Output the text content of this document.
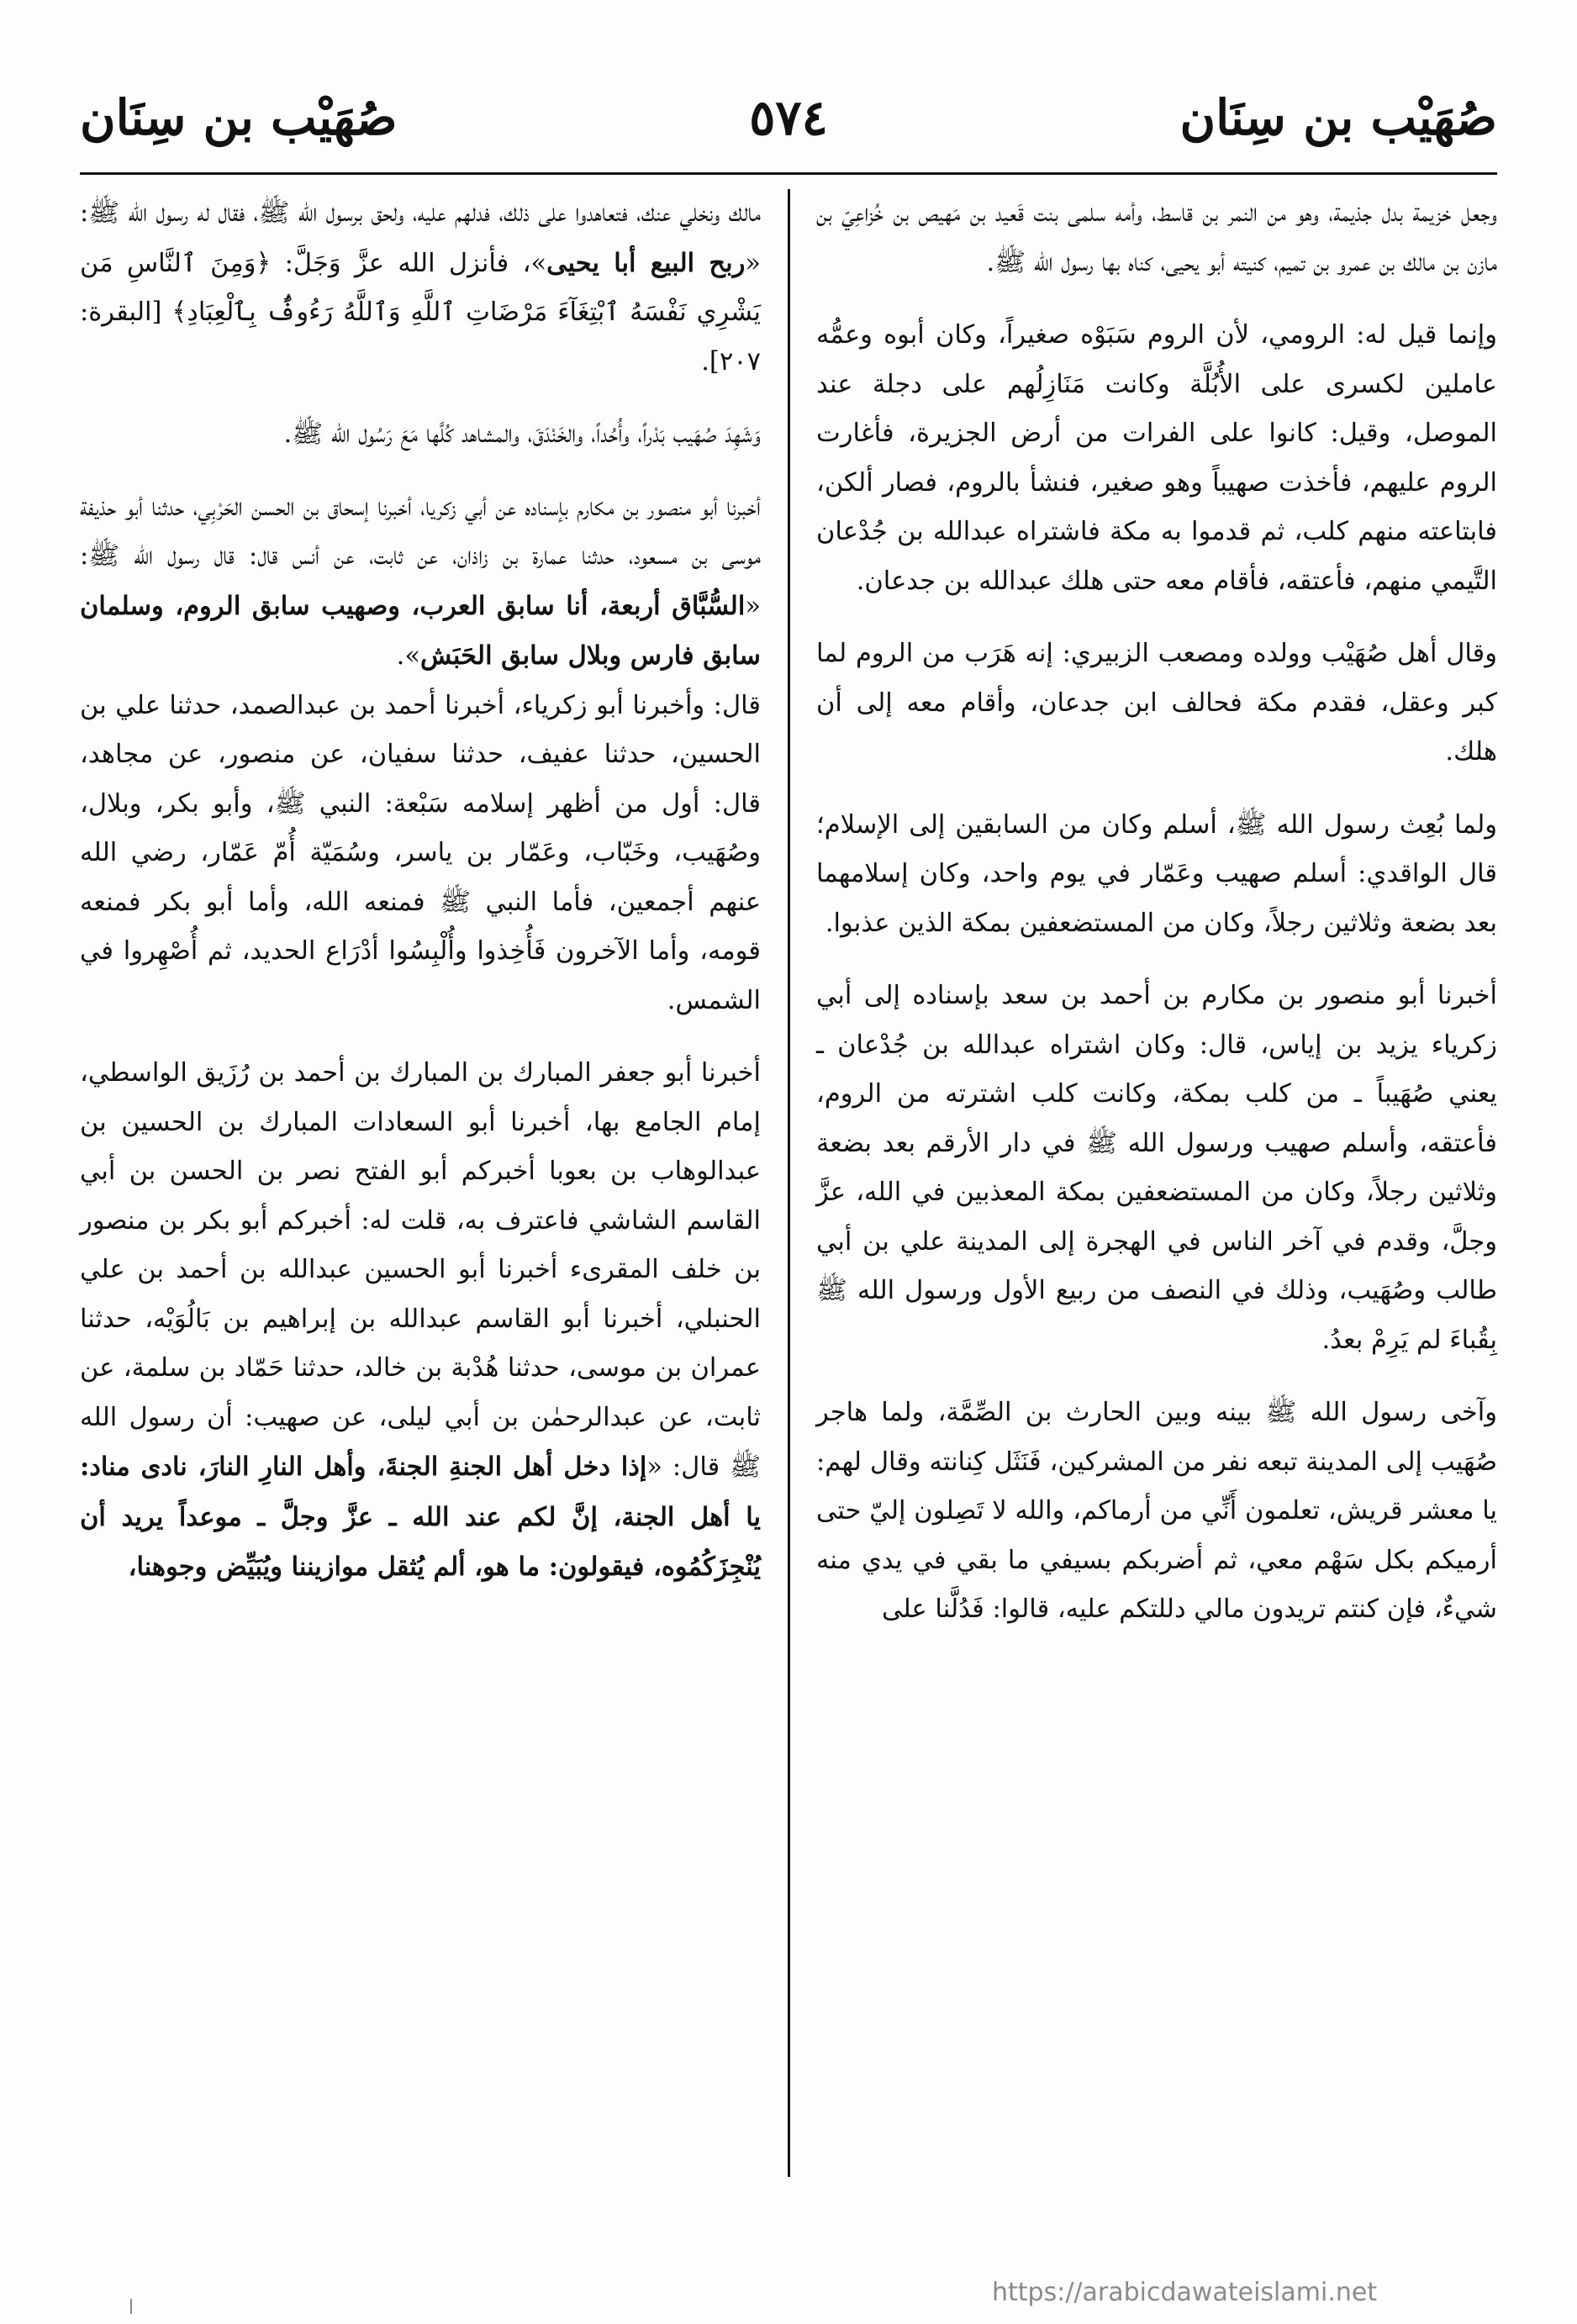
صُهَيْب بن سِنَان
٥٧٤
صُهَيْب بن سِنَان

وجعل خزيمة بدل جذيمة، وهو من النمر بن قاسط، وأمه سلمى بنت قَعيد بن مَهيص بن خُزاعِيّ بن مازن بن مالك بن عمرو بن تميم، كنيته أبو يحيى، كناه بها رسول الله ﷺ.

وإنما قيل له: الرومي، لأن الروم سَبَوْه صغيراً، وكان أبوه وعمُّه عاملين لكسرى على الأُبُلَّة وكانت مَنَازِلُهم على دجلة عند الموصل، وقيل: كانوا على الفرات من أرض الجزيرة، فأغارت الروم عليهم، فأخذت صهيباً وهو صغير، فنشأ بالروم، فصار ألكن، فابتاعته منهم كلب، ثم قدموا به مكة فاشتراه عبدالله بن جُدْعان التَّيمي منهم، فأعتقه، فأقام معه حتى هلك عبدالله بن جدعان.

وقال أهل صُهَيْب وولده ومصعب الزبيري: إنه هَرَب من الروم لما كبر وعقل، فقدم مكة فحالف ابن جدعان، وأقام معه إلى أن هلك.

ولما بُعِث رسول الله ﷺ، أسلم وكان من السابقين إلى الإسلام؛ قال الواقدي: أسلم صهيب وعَمّار في يوم واحد، وكان إسلامهما بعد بضعة وثلاثين رجلاً، وكان من المستضعفين بمكة الذين عذبوا.

أخبرنا أبو منصور بن مكارم بن أحمد بن سعد بإسناده إلى أبي زكرياء يزيد بن إياس، قال: وكان اشتراه عبدالله بن جُدْعان ـ يعني صُهَيباً ـ من كلب بمكة، وكانت كلب اشترته من الروم، فأعتقه، وأسلم صهيب ورسول الله ﷺ في دار الأرقم بعد بضعة وثلاثين رجلاً، وكان من المستضعفين بمكة المعذبين في الله، عزَّ وجلَّ، وقدم في آخر الناس في الهجرة إلى المدينة علي بن أبي طالب وصُهَيب، وذلك في النصف من ربيع الأول ورسول الله ﷺ بِقُباءَ لم يَرِمْ بعدُ.

وآخى رسول الله ﷺ بينه وبين الحارث بن الصِّمَّة، ولما هاجر صُهَيب إلى المدينة تبعه نفر من المشركين، فَنَثَل كِنانته وقال لهم: يا معشر قريش، تعلمون أَنِّي من أرماكم، والله لا تَصِلون إليّ حتى أرميكم بكل سَهْم معي، ثم أضربكم بسيفي ما بقي في يدي منه شيءٌ، فإن كنتم تريدون مالي دللتكم عليه، قالوا: فَدُلَّنا على

مالك ونخلي عنك، فتعاهدوا على ذلك، فدلهم عليه، ولحق برسول الله ﷺ، فقال له رسول الله ﷺ: «ربح البيع أبا يحيى»، فأنزل الله عزَّ وَجَلَّ: ﴿وَمِنَ ٱلنَّاسِ مَن يَشْرِي نَفْسَهُ ٱبْتِغَآءَ مَرْضَاتِ ٱللَّهِ وَٱللَّهُ رَءُوفٌۢ بِٱلْعِبَادِ﴾ [البقرة: ٢٠٧].

وَشَهِدَ صُهَيب بَدْراً، وأُحُداً، والخَنْدَقَ، والمشاهد كُلَّها مَعَ رَسُول الله ﷺ.

أخبرنا أبو منصور بن مكارم بإسناده عن أبي زكريا، أخبرنا إسحاق بن الحسن الحَرْبِي، حدثنا أبو حذيفة موسى بن مسعود، حدثنا عمارة بن زاذان، عن ثابت، عن أنس قال: قال رسول الله ﷺ: «السُّبَّاق أربعة، أنا سابق العرب، وصهيب سابق الروم، وسلمان سابق فارس وبلال سابق الحَبَش».

قال: وأخبرنا أبو زكرياء، أخبرنا أحمد بن عبدالصمد، حدثنا علي بن الحسين، حدثنا عفيف، حدثنا سفيان، عن منصور، عن مجاهد، قال: أول من أظهر إسلامه سَبْعة: النبي ﷺ، وأبو بكر، وبلال، وصُهَيب، وخَبّاب، وعَمّار بن ياسر، وسُمَيّة أُمّ عَمّار، رضي الله عنهم أجمعين، فأما النبي ﷺ فمنعه الله، وأما أبو بكر فمنعه قومه، وأما الآخرون فَأُخِذوا وأُلْبِسُوا أدْرَاع الحديد، ثم أُصْهِروا في الشمس.

أخبرنا أبو جعفر المبارك بن المبارك بن أحمد بن رُزَيق الواسطي، إمام الجامع بها، أخبرنا أبو السعادات المبارك بن الحسين بن عبدالوهاب بن بعوبا أخبركم أبو الفتح نصر بن الحسن بن أبي القاسم الشاشي فاعترف به، قلت له: أخبركم أبو بكر بن منصور بن خلف المقرىء أخبرنا أبو الحسين عبدالله بن أحمد بن علي الحنبلي، أخبرنا أبو القاسم عبدالله بن إبراهيم بن بَالُوَيْه، حدثنا عمران بن موسى، حدثنا هُدْبة بن خالد، حدثنا حَمّاد بن سلمة، عن ثابت، عن عبدالرحمٰن بن أبي ليلى، عن صهيب: أن رسول الله ﷺ قال: «إذا دخل أهل الجنةِ الجنةَ، وأهل النارِ النارَ، نادى مناد: يا أهل الجنة، إنَّ لكم عند الله ـ عزَّ وجلَّ ـ موعداً يريد أن يُنْجِزَكُمُوه، فيقولون: ما هو، ألم يُثقل موازيننا ويُبَيِّض وجوهنا،

https://arabicdawateislami.net
